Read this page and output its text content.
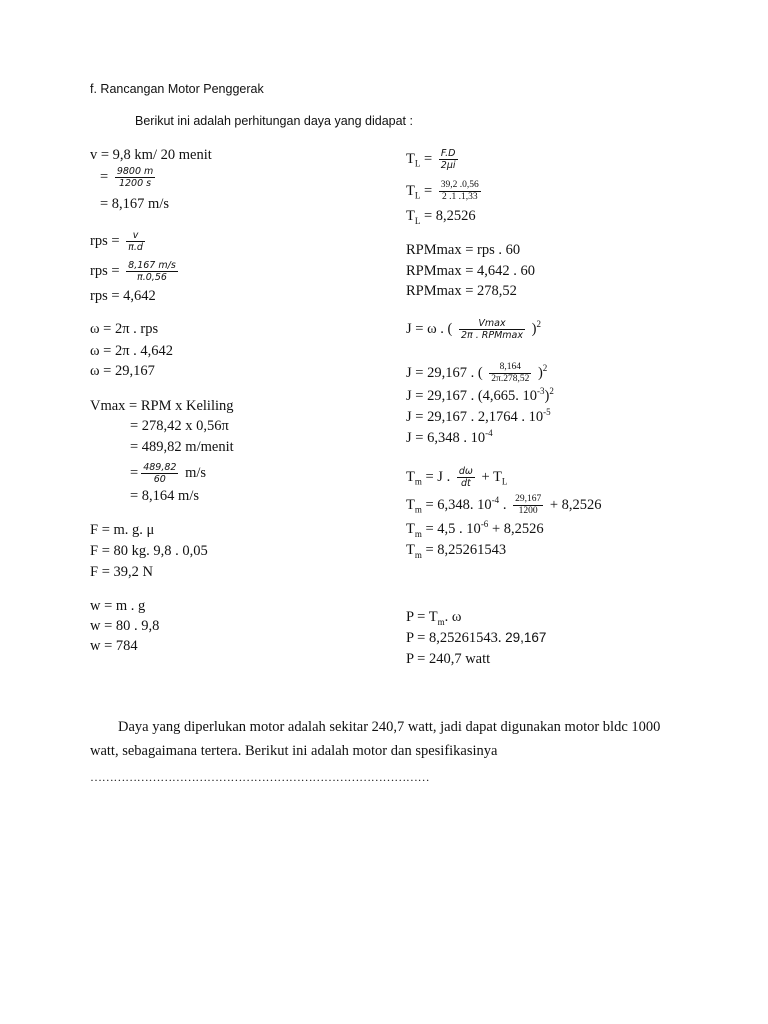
f. Rancangan Motor Penggerak
Berikut ini adalah perhitungan daya yang didapat :
v = 9,8 km/ 20 menit
= $\frac{9800 m}{1200 s}$
= 8,167 m/s
rps = $\frac{v}{\pi.d}$
rps = $\frac{8,167 m/s}{\pi.0,56}$
rps = 4,642
ω = 2π . rps
ω = 2π . 4,642
ω = 29,167
Vmax = RPM x Keliling
= 278,42 x 0,56π
= 489,82 m/menit
= $\frac{489,82}{60} m/s$
= 8,164 m/s
F = m. g. μ
F = 80 kg. 9,8 . 0,05
F = 39,2 N
w = m . g
w = 80 . 9,8
w = 784
$T_L = \frac{F.D}{2\mu i}$
$T_L = \frac{39,2 .0,56}{2 .1 .1,33}$
$T_L = 8,2526$
RPMmax = rps . 60
RPMmax = 4,642 . 60
RPMmax = 278,52
J = ω . ( $\frac{Vmax}{\text{2π . RPMmax}} )^2$
J = 29,167 . ( $\frac{8,164}{2\pi.278,52} )^2$
J = 29,167 . (4,665. $10^{-3})^2$
J = 29,167 . 2,1764 . $10^{-5}$
J = 6,348 . $10^{-4}$
$T_m = J$ . $\frac{d\omega}{dt} + T_L$
$T_m = 6,348$. $10^{-4}$ . $\frac{29,167}{1200} + 8,2526$
$T_m = 4,5$ . $10^{-6} + 8,2526$
$T_m = 8,25261543$
$P = T_m$. ω
P = 8,25261543. 29,167
P = 240,7 watt
Daya yang diperlukan motor adalah sekitar 240,7 watt, jadi dapat digunakan motor bldc 1000 watt, sebagaimana tertera. Berikut ini adalah motor dan spesifikasinya
……………………………………………………………………………
